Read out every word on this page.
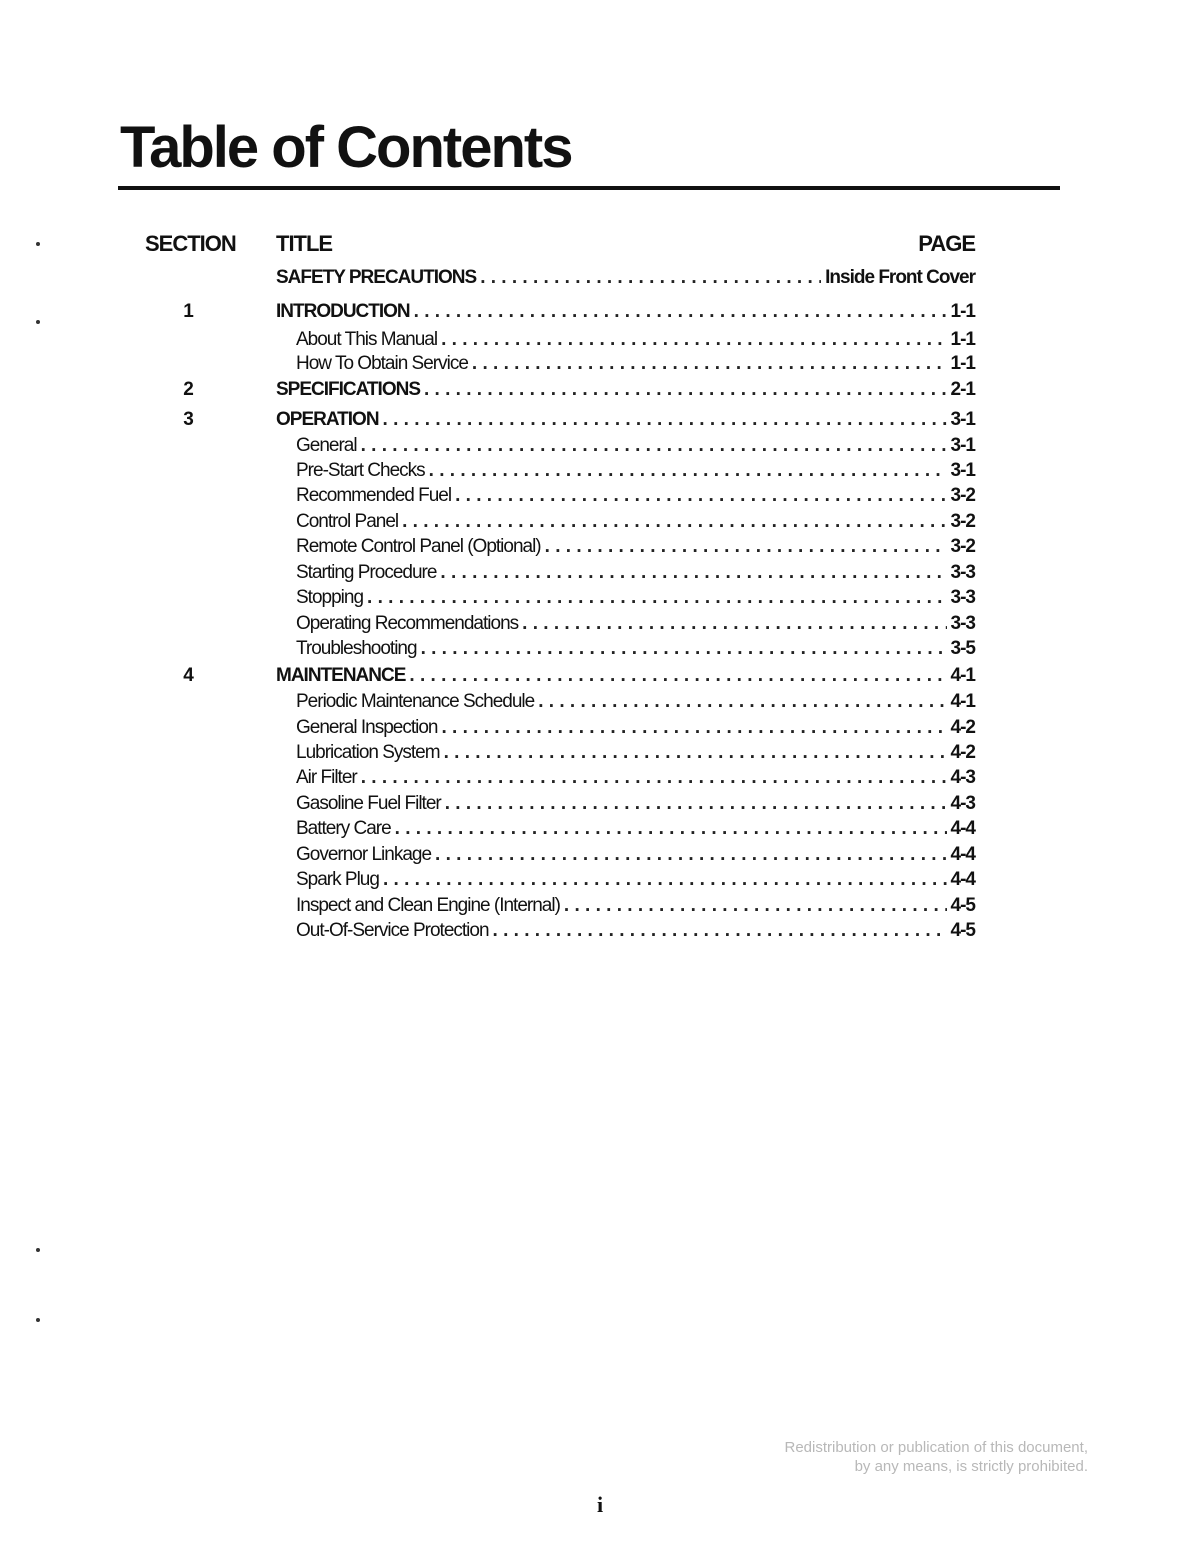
Table of Contents
SECTION TITLE	PAGE
SAFETY PRECAUTIONS . . .	Inside Front Cover
1	INTRODUCTION . . .	1-1
About This Manual . . .	1-1
How To Obtain Service . . .	1-1
2	SPECIFICATIONS . . .	2-1
3	OPERATION . . .	3-1
General . . .	3-1
Pre-Start Checks . . .	3-1
Recommended Fuel . . .	3-2
Control Panel . . .	3-2
Remote Control Panel (Optional) . . .	3-2
Starting Procedure . . .	3-3
Stopping . . .	3-3
Operating Recommendations . . .	3-3
Troubleshooting . . .	3-5
4	MAINTENANCE . . .	4-1
Periodic Maintenance Schedule . . .	4-1
General Inspection . . .	4-2
Lubrication System . . .	4-2
Air Filter . . .	4-3
Gasoline Fuel Filter . . .	4-3
Battery Care . . .	4-4
Governor Linkage . . .	4-4
Spark Plug . . .	4-4
Inspect and Clean Engine (Internal) . . .	4-5
Out-Of-Service Protection . . .	4-5
Redistribution or publication of this document,
by any means, is strictly prohibited.
i
